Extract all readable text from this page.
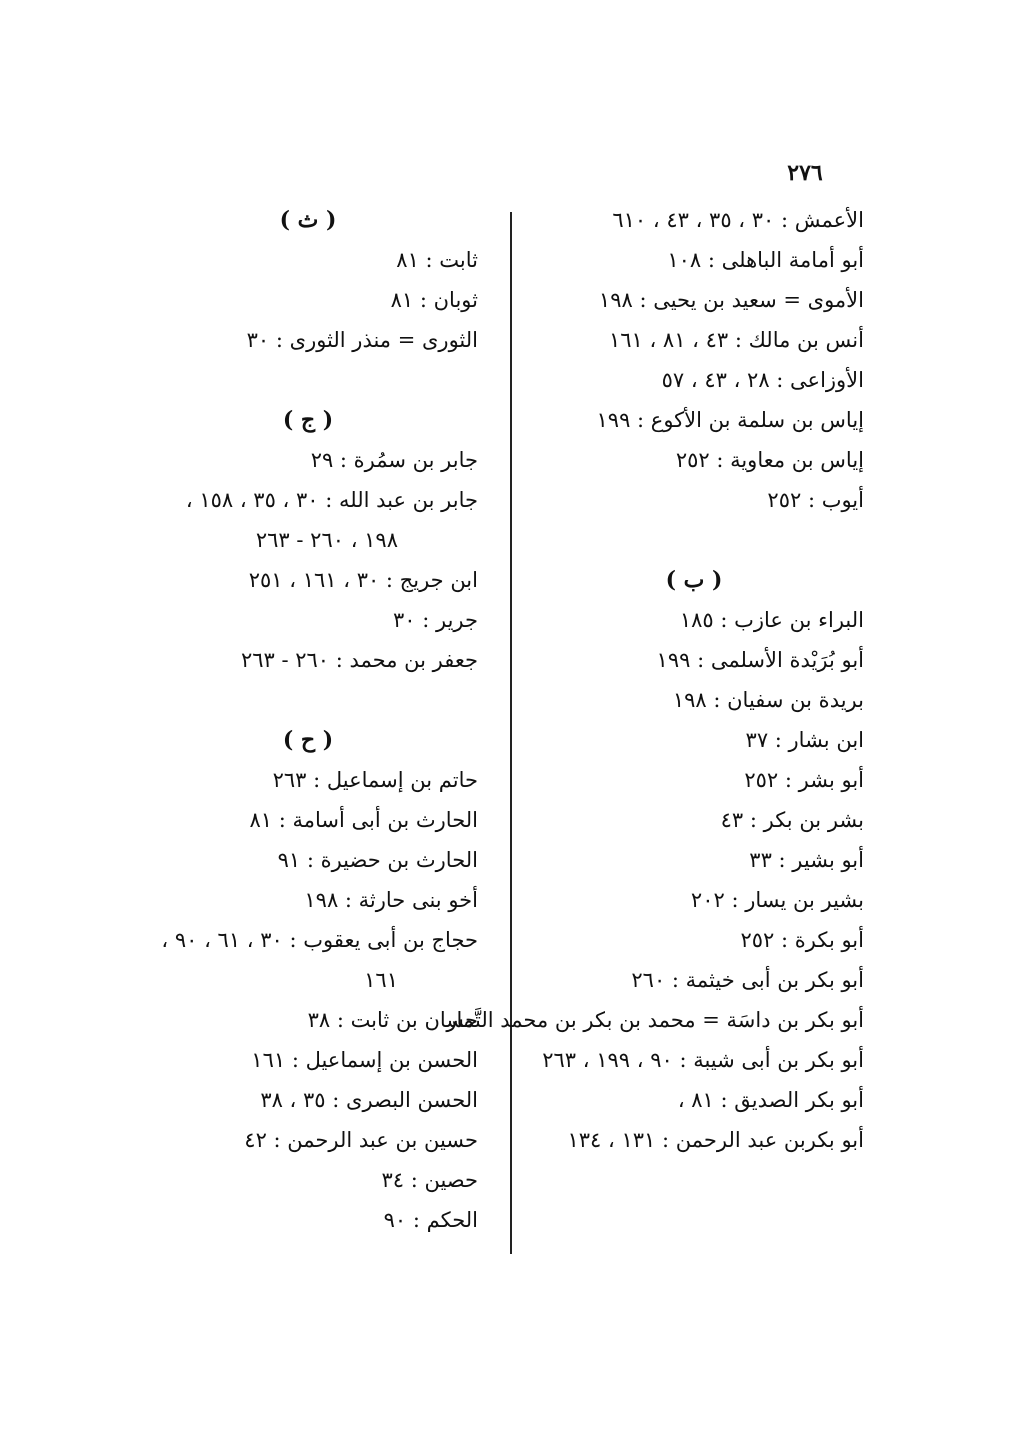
٢٧٦
الأعمش : ٣٠ ، ٣٥ ، ٤٣ ، ٦١٠
أبو أمامة الباهلى : ١٠٨
الأموى = سعيد بن يحيى : ١٩٨
أنس بن مالك : ٤٣ ، ٨١ ، ١٦١
الأوزاعى : ٢٨ ، ٤٣ ، ٥٧
إياس بن سلمة بن الأكوع : ١٩٩
إياس بن معاوية : ٢٥٢
أيوب : ٢٥٢
( ب )
البراء بن عازب : ١٨٥
أبو بُرَيْدة الأسلمى : ١٩٩
بريدة بن سفيان : ١٩٨
ابن بشار : ٣٧
أبو بشر : ٢٥٢
بشر بن بكر : ٤٣
أبو بشير : ٣٣
بشير بن يسار : ٢٠٢
أبو بكرة : ٢٥٢
أبو بكر بن أبى خيثمة : ٢٦٠
أبو بكر بن داسَة = محمد بن بكر بن محمد التَّمار
أبو بكر بن أبى شيبة : ٩٠ ، ١٩٩ ، ٢٦٣
أبو بكر الصديق : ٨١ ،
أبو بكربن عبد الرحمن : ١٣١ ، ١٣٤
( ث )
ثابت : ٨١
ثوبان : ٨١
الثورى = منذر الثورى : ٣٠
( ج )
جابر بن سمُرة : ٢٩
جابر بن عبد الله : ٣٠ ، ٣٥ ، ١٥٨ ،
١٩٨ ، ٢٦٠ - ٢٦٣
ابن جريج : ٣٠ ، ١٦١ ، ٢٥١
جرير : ٣٠
جعفر بن محمد : ٢٦٠ - ٢٦٣
( ح )
حاتم بن إسماعيل : ٢٦٣
الحارث بن أبى أسامة : ٨١
الحارث بن حضيرة : ٩١
أخو بنى حارثة : ١٩٨
حجاج بن أبى يعقوب : ٣٠ ، ٦١ ، ٩٠ ،
١٦١
حسان بن ثابت : ٣٨
الحسن بن إسماعيل : ١٦١
الحسن البصرى : ٣٥ ، ٣٨
حسين بن عبد الرحمن : ٤٢
حصين : ٣٤
الحكم : ٩٠
